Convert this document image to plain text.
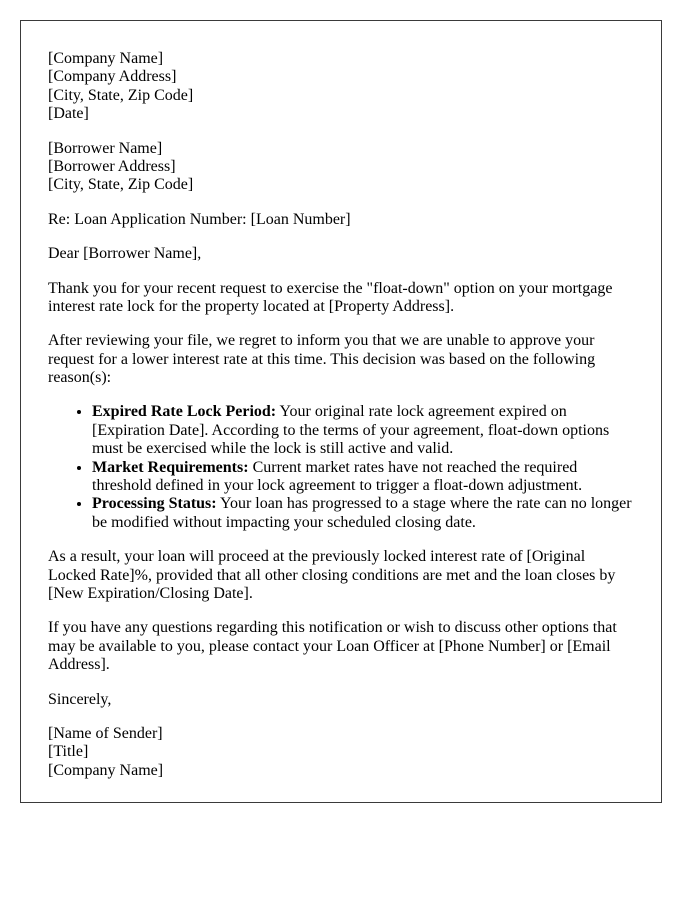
[Company Name]
[Company Address]
[City, State, Zip Code]
[Date]
[Borrower Name]
[Borrower Address]
[City, State, Zip Code]

Re: Loan Application Number: [Loan Number]

Dear [Borrower Name],

Thank you for your recent request to exercise the "float-down" option on your mortgage interest rate lock for the property located at [Property Address].

After reviewing your file, we regret to inform you that we are unable to approve your request for a lower interest rate at this time. This decision was based on the following reason(s):

• Expired Rate Lock Period: Your original rate lock agreement expired on [Expiration Date]. According to the terms of your agreement, float-down options must be exercised while the lock is still active and valid.
• Market Requirements: Current market rates have not reached the required threshold defined in your lock agreement to trigger a float-down adjustment.
• Processing Status: Your loan has progressed to a stage where the rate can no longer be modified without impacting your scheduled closing date.

As a result, your loan will proceed at the previously locked interest rate of [Original Locked Rate]%, provided that all other closing conditions are met and the loan closes by [New Expiration/Closing Date].

If you have any questions regarding this notification or wish to discuss other options that may be available to you, please contact your Loan Officer at [Phone Number] or [Email Address].

Sincerely,

[Name of Sender]
[Title]
[Company Name]
